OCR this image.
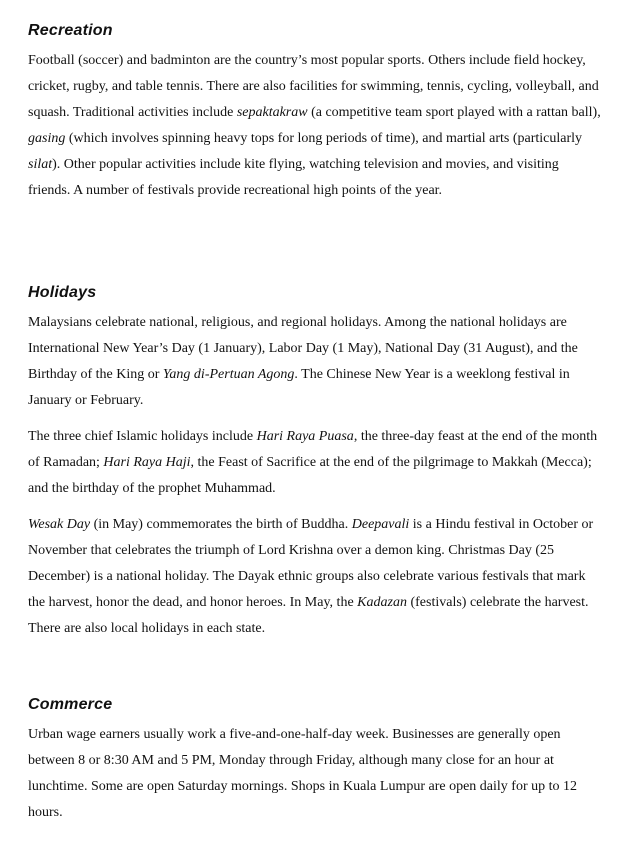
Recreation

Football (soccer) and badminton are the country’s most popular sports. Others include field hockey, cricket, rugby, and table tennis. There are also facilities for swimming, tennis, cycling, volleyball, and squash. Traditional activities include sepaktakraw (a competitive team sport played with a rattan ball), gasing (which involves spinning heavy tops for long periods of time), and martial arts (particularly silat). Other popular activities include kite flying, watching television and movies, and visiting friends. A number of festivals provide recreational high points of the year.

Holidays

Malaysians celebrate national, religious, and regional holidays. Among the national holidays are International New Year’s Day (1 January), Labor Day (1 May), National Day (31 August), and the Birthday of the King or Yang di-Pertuan Agong. The Chinese New Year is a weeklong festival in January or February.

The three chief Islamic holidays include Hari Raya Puasa, the three-day feast at the end of the month of Ramadan; Hari Raya Haji, the Feast of Sacrifice at the end of the pilgrimage to Makkah (Mecca); and the birthday of the prophet Muhammad.

Wesak Day (in May) commemorates the birth of Buddha. Deepavali is a Hindu festival in October or November that celebrates the triumph of Lord Krishna over a demon king. Christmas Day (25 December) is a national holiday. The Dayak ethnic groups also celebrate various festivals that mark the harvest, honor the dead, and honor heroes. In May, the Kadazan (festivals) celebrate the harvest. There are also local holidays in each state.

Commerce

Urban wage earners usually work a five-and-one-half-day week. Businesses are generally open between 8 or 8:30 AM and 5 PM, Monday through Friday, although many close for an hour at lunchtime. Some are open Saturday mornings. Shops in Kuala Lumpur are open daily for up to 12 hours.
